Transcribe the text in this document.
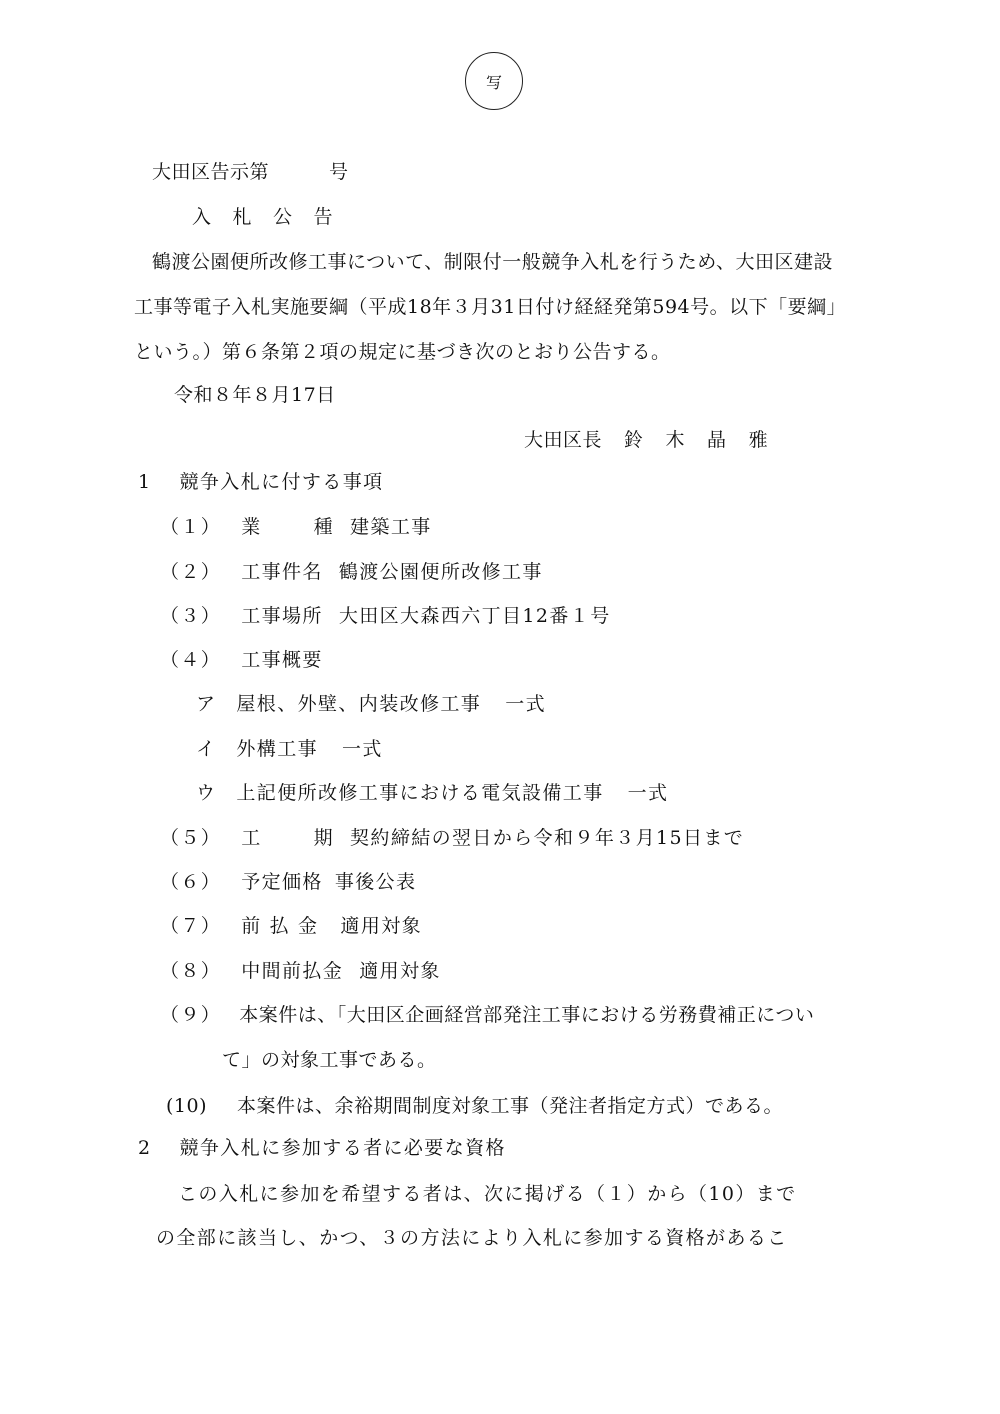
写
大田区告示第	号
入 札 公 告
鶴渡公園便所改修工事について、制限付一般競争入札を行うため、大田区建設
工事等電子入札実施要綱（平成18年３月31日付け経経発第594号。以下「要綱」
という。）第６条第２項の規定に基づき次のとおり公告する。
令和８年８月17日
大田区長 鈴 木 晶 雅
1 競争入札に付する事項
（１） 業	種 建築工事
（２） 工事件名 鶴渡公園便所改修工事
（３） 工事場所 大田区大森西六丁目12番１号
（４） 工事概要
ア 屋根、外壁、内装改修工事 一式
イ 外構工事 一式
ウ 上記便所改修工事における電気設備工事 一式
（５） 工	期 契約締結の翌日から令和９年３月15日まで
（６） 予定価格 事後公表
（７） 前 払 金 適用対象
（８） 中間前払金 適用対象
（９） 本案件は、「大田区企画経営部発注工事における労務費補正につい
て」の対象工事である。
(10) 本案件は、余裕期間制度対象工事（発注者指定方式）である。
2 競争入札に参加する者に必要な資格
この入札に参加を希望する者は、次に掲げる（１）から（10）まで
の全部に該当し、かつ、３の方法により入札に参加する資格があるこ
